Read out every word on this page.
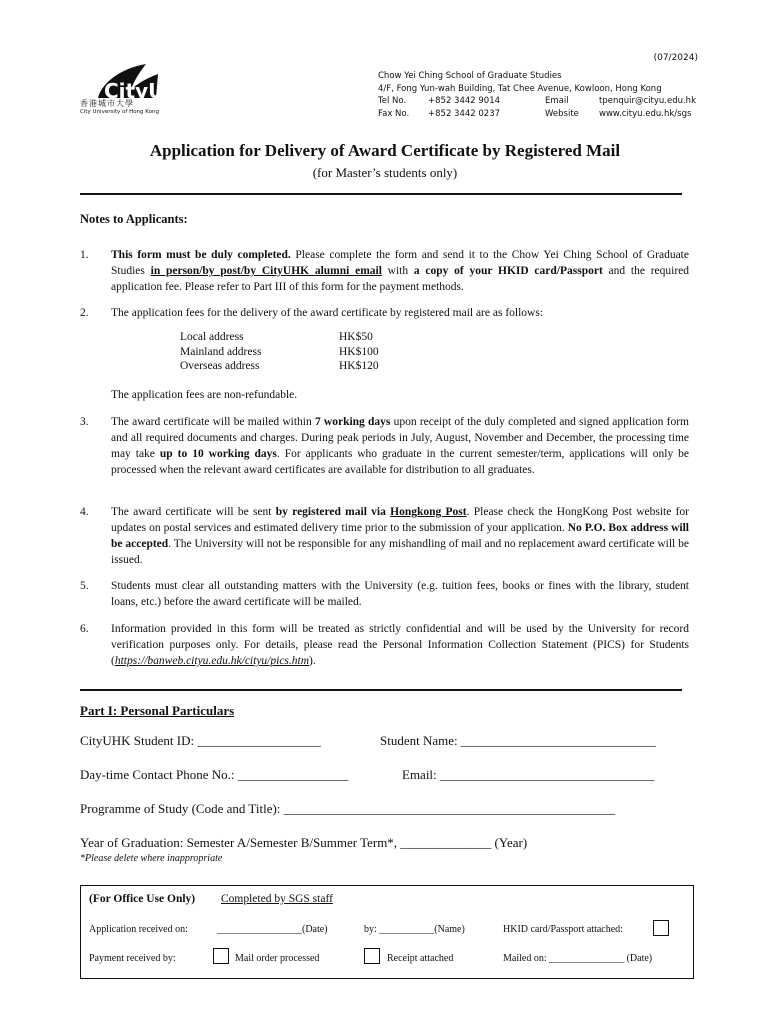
(07/2024)
CityU
香港城市大學
City University of Hong Kong
Chow Yei Ching School of Graduate Studies
4/F, Fong Yun-wah Building, Tat Chee Avenue, Kowloon, Hong Kong
Tel No.	+852 3442 9014	Email	tpenquir@cityu.edu.hk
Fax No.	+852 3442 0237	Website	www.cityu.edu.hk/sgs
Application for Delivery of Award Certificate by Registered Mail
(for Master’s students only)
Notes to Applicants:
1. This form must be duly completed. Please complete the form and send it to the Chow Yei Ching School of Graduate Studies in person/by post/by CityUHK alumni email with a copy of your HKID card/Passport and the required application fee. Please refer to Part III of this form for the payment methods.
2. The application fees for the delivery of the award certificate by registered mail are as follows:
Local address	HK$50
Mainland address	HK$100
Overseas address	HK$120
The application fees are non-refundable.
3. The award certificate will be mailed within 7 working days upon receipt of the duly completed and signed application form and all required documents and charges. During peak periods in July, August, November and December, the processing time may take up to 10 working days. For applicants who graduate in the current semester/term, applications will only be processed when the relevant award certificates are available for distribution to all graduates.
4. The award certificate will be sent by registered mail via Hongkong Post. Please check the HongKong Post website for updates on postal services and estimated delivery time prior to the submission of your application. No P.O. Box address will be accepted. The University will not be responsible for any mishandling of mail and no replacement award certificate will be issued.
5. Students must clear all outstanding matters with the University (e.g. tuition fees, books or fines with the library, student loans, etc.) before the award certificate will be mailed.
6. Information provided in this form will be treated as strictly confidential and will be used by the University for record verification purposes only. For details, please read the Personal Information Collection Statement (PICS) for Students (https://banweb.cityu.edu.hk/cityu/pics.htm).
Part I: Personal Particulars
CityUHK Student ID: ___________________	Student Name: ______________________________
Day-time Contact Phone No.: _________________	Email: _________________________________
Programme of Study (Code and Title): ___________________________________________________
Year of Graduation: Semester A/Semester B/Summer Term*, ______________ (Year)
*Please delete where inappropriate
(For Office Use Only) Completed by SGS staff
Application received on:	_________________(Date)	by: ___________(Name)	HKID card/Passport attached:
Payment received by:	Mail order processed	Receipt attached	Mailed on: _______________ (Date)
